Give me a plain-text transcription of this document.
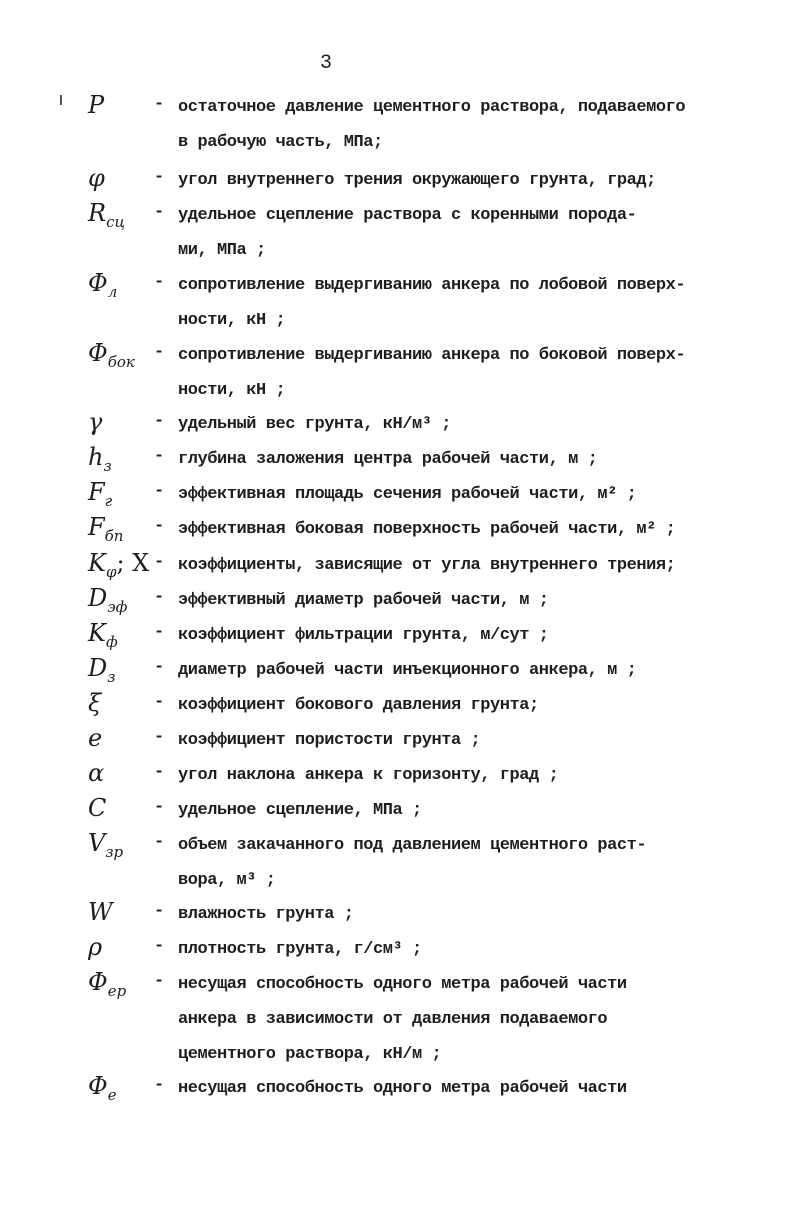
3
P	- остаточное давление цементного раствора, подаваемого
в рабочую часть, МПа;
φ	- угол внутреннего трения окружающего грунта, град;
$R_{сц}$	- удельное сцепление раствора с коренными порода-
ми, МПа ;
$\Phi_л$	- сопротивление выдергиванию анкера по лобовой поверх-
ности, кН ;
$\Phi_{бок}$	- сопротивление выдергиванию анкера по боковой поверх-
ности, кН ;
γ	- удельный вес грунта, кН/м³ ;
$h_з$	- глубина заложения центра рабочей части, м ;
$F_г$	- эффективная площадь сечения рабочей части, м² ;
$F_{бп}$	- эффективная боковая поверхность рабочей части, м² ;
$K_\varphi$; X - коэффициенты, зависящие от угла внутреннего трения;
$D_{эф}$	- эффективный диаметр рабочей части, м ;
$K_ф$	- коэффициент фильтрации грунта, м/сут ;
$D_з$	- диаметр рабочей части инъекционного анкера, м ;
ξ	- коэффициент бокового давления грунта;
e	- коэффициент пористости грунта ;
α	- угол наклона анкера к горизонту, град ;
C	- удельное сцепление, МПа ;
$V_{зр}$	- объем закачанного под давлением цементного раст-
вора, м³ ;
W	- влажность грунта ;
ρ	- плотность грунта, г/см³ ;
$\Phi_{ep}$	- несущая способность одного метра рабочей части
анкера в зависимости от давления подаваемого
цементного раствора, кН/м ;
$\Phi_e$	- несущая способность одного метра рабочей части
